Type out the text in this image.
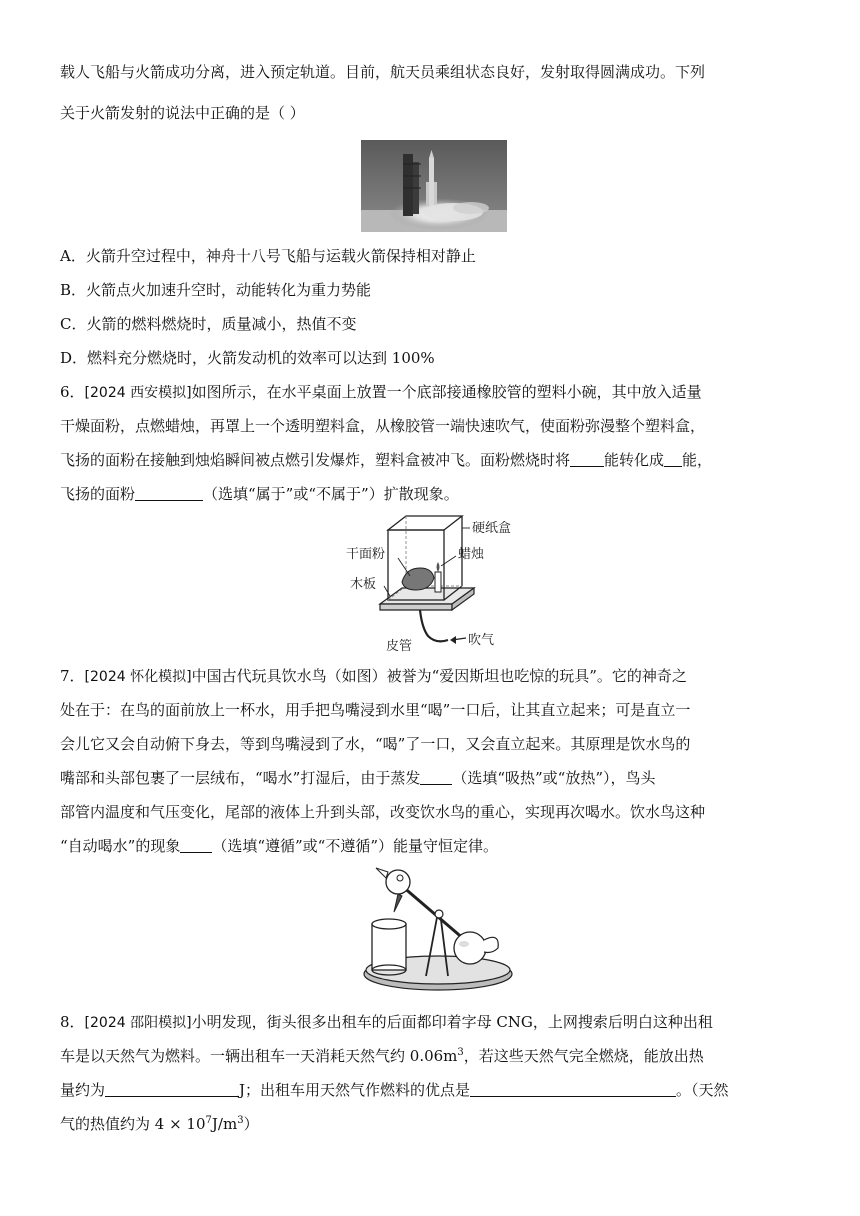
载人飞船与火箭成功分离，进入预定轨道。目前，航天员乘组状态良好，发射取得圆满成功。下列
关于火箭发射的说法中正确的是（ ）
A．火箭升空过程中，神舟十八号飞船与运载火箭保持相对静止
B．火箭点火加速升空时，动能转化为重力势能
C．火箭的燃料燃烧时，质量减小，热值不变
D．燃料充分燃烧时，火箭发动机的效率可以达到 100%
6．[2024 西安模拟]如图所示，在水平桌面上放置一个底部接通橡胶管的塑料小碗，其中放入适量
干燥面粉，点燃蜡烛，再罩上一个透明塑料盒，从橡胶管一端快速吹气，使面粉弥漫整个塑料盒，
飞扬的面粉在接触到烛焰瞬间被点燃引发爆炸，塑料盒被冲飞。面粉燃烧时将 能转化成 能，
飞扬的面粉	（选填“属于”或“不属于”）扩散现象。
硬纸盒
蜡烛
干面粉
木板
皮管	吹气
7．[2024 怀化模拟]中国古代玩具饮水鸟（如图）被誉为“爱因斯坦也吃惊的玩具”。它的神奇之
处在于：在鸟的面前放上一杯水，用手把鸟嘴浸到水里“喝”一口后，让其直立起来；可是直立一
会儿它又会自动俯下身去，等到鸟嘴浸到了水，“喝”了一口，又会直立起来。其原理是饮水鸟的
嘴部和头部包裹了一层绒布，“喝水”打湿后，由于蒸发 （选填“吸热”或“放热”），鸟头
部管内温度和气压变化，尾部的液体上升到头部，改变饮水鸟的重心，实现再次喝水。饮水鸟这种
“自动喝水”的现象 （选填“遵循”或“不遵循”）能量守恒定律。
8．[2024 邵阳模拟]小明发现，街头很多出租车的后面都印着字母 CNG，上网搜索后明白这种出租
车是以天然气为燃料。一辆出租车一天消耗天然气约 $0.06m^3$，若这些天然气完全燃烧，能放出热
量约为	J；出租车用天然气作燃料的优点是	。（天然
气的热值约为 $4 \times 10^7J/m^3$）
